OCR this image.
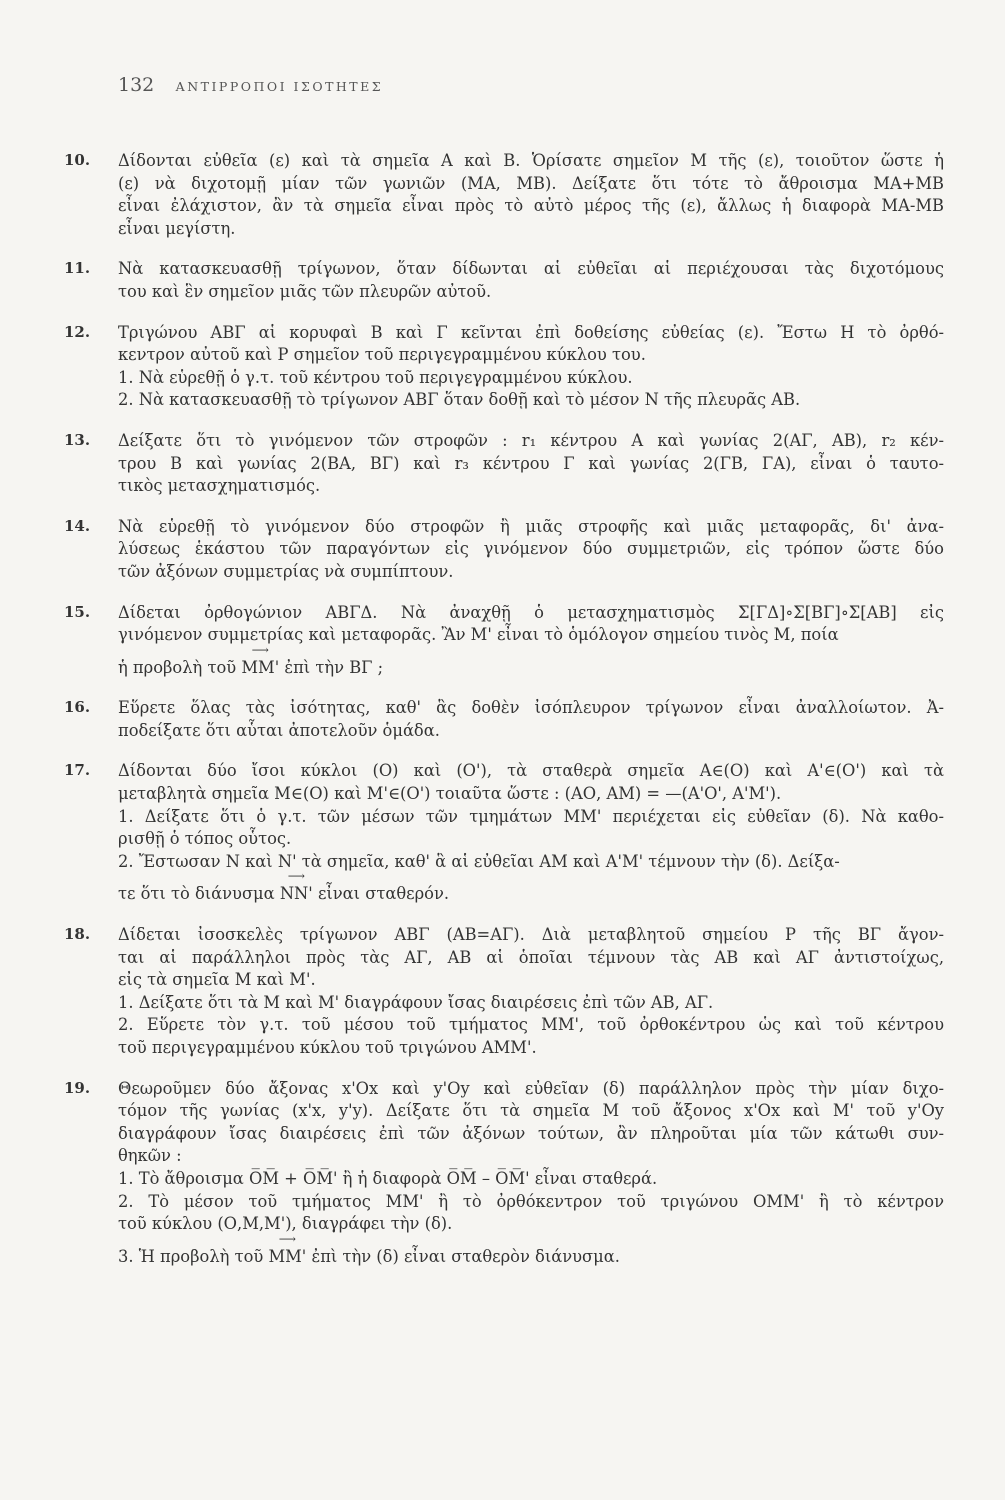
132 ΑΝΤΙΡΡΟΠΟΙ ΙΣΟΤΗΤΕΣ
10. Δίδονται εὐθεῖα (ε) καὶ τὰ σημεῖα A καὶ B. Ὁρίσατε σημεῖον M τῆς (ε), τοιοῦτον ὥστε ἡ
(ε) νὰ διχοτομῇ μίαν τῶν γωνιῶν (MA, MB). Δείξατε ὅτι τότε τὸ ἄθροισμα MA+MB
εἶναι ἐλάχιστον, ἂν τὰ σημεῖα εἶναι πρὸς τὸ αὐτὸ μέρος τῆς (ε), ἄλλως ἡ διαφορὰ MA-MB
εἶναι μεγίστη.
11. Νὰ κατασκευασθῇ τρίγωνον, ὅταν δίδωνται αἱ εὐθεῖαι αἱ περιέχουσαι τὰς διχοτόμους
του καὶ ἓν σημεῖον μιᾶς τῶν πλευρῶν αὐτοῦ.
12. Τριγώνου ΑΒΓ αἱ κορυφαὶ Β καὶ Γ κεῖνται ἐπὶ δοθείσης εὐθείας (ε). Ἔστω Η τὸ ὀρθό-
κεντρον αὐτοῦ καὶ Ρ σημεῖον τοῦ περιγεγραμμένου κύκλου του.
1. Νὰ εὑρεθῇ ὁ γ.τ. τοῦ κέντρου τοῦ περιγεγραμμένου κύκλου.
2. Νὰ κατασκευασθῇ τὸ τρίγωνον ΑΒΓ ὅταν δοθῇ καὶ τὸ μέσον Ν τῆς πλευρᾶς ΑΒ.
13. Δείξατε ὅτι τὸ γινόμενον τῶν στροφῶν : r₁ κέντρου Α καὶ γωνίας 2(ΑΓ, ΑΒ), r₂ κέν-
τρου Β καὶ γωνίας 2(ΒΑ, ΒΓ) καὶ r₃ κέντρου Γ καὶ γωνίας 2(ΓΒ, ΓΑ), εἶναι ὁ ταυτο-
τικὸς μετασχηματισμός.
14. Νὰ εὑρεθῇ τὸ γινόμενον δύο στροφῶν ἢ μιᾶς στροφῆς καὶ μιᾶς μεταφορᾶς, δι' ἀνα-
λύσεως ἑκάστου τῶν παραγόντων εἰς γινόμενον δύο συμμετριῶν, εἰς τρόπον ὥστε δύο
τῶν ἀξόνων συμμετρίας νὰ συμπίπτουν.
15. Δίδεται ὀρθογώνιον ΑΒΓΔ. Νὰ ἀναχθῇ ὁ μετασχηματισμὸς Σ[ΓΔ]∘Σ[ΒΓ]∘Σ[ΑΒ] εἰς
γινόμενον συμμετρίας καὶ μεταφορᾶς. Ἂν Μ' εἶναι τὸ ὁμόλογον σημείου τινὸς Μ, ποία
ἡ προβολὴ τοῦ
⟶
ΜΜ' ἐπὶ τὴν ΒΓ ;
16. Εὕρετε ὅλας τὰς ἰσότητας, καθ' ἃς δοθὲν ἰσόπλευρον τρίγωνον εἶναι ἀναλλοίωτον. Ἀ-
ποδείξατε ὅτι αὗται ἀποτελοῦν ὁμάδα.
17. Δίδονται δύο ἴσοι κύκλοι (Ο) καὶ (Ο'), τὰ σταθερὰ σημεῖα Α∈(Ο) καὶ Α'∈(Ο') καὶ τὰ
μεταβλητὰ σημεῖα Μ∈(Ο) καὶ Μ'∈(Ο') τοιαῦτα ὥστε : (ΑΟ, ΑΜ) = —(Α'Ο', Α'Μ').
1. Δείξατε ὅτι ὁ γ.τ. τῶν μέσων τῶν τμημάτων ΜΜ' περιέχεται εἰς εὐθεῖαν (δ). Νὰ καθο-
ρισθῇ ὁ τόπος οὗτος.
2. Ἔστωσαν Ν καὶ Ν' τὰ σημεῖα, καθ' ἃ αἱ εὐθεῖαι ΑΜ καὶ Α'Μ' τέμνουν τὴν (δ). Δείξα-
τε ὅτι τὸ διάνυσμα
⟶
ΝΝ' εἶναι σταθερόν.
18. Δίδεται ἰσοσκελὲς τρίγωνον ΑΒΓ (ΑΒ=ΑΓ). Διὰ μεταβλητοῦ σημείου Ρ τῆς ΒΓ ἄγον-
ται αἱ παράλληλοι πρὸς τὰς ΑΓ, ΑΒ αἱ ὁποῖαι τέμνουν τὰς ΑΒ καὶ ΑΓ ἀντιστοίχως,
εἰς τὰ σημεῖα Μ καὶ Μ'.
1. Δείξατε ὅτι τὰ Μ καὶ Μ' διαγράφουν ἴσας διαιρέσεις ἐπὶ τῶν ΑΒ, ΑΓ.
2. Εὕρετε τὸν γ.τ. τοῦ μέσου τοῦ τμήματος ΜΜ', τοῦ ὀρθοκέντρου ὡς καὶ τοῦ κέντρου
τοῦ περιγεγραμμένου κύκλου τοῦ τριγώνου ΑΜΜ'.
19. Θεωροῦμεν δύο ἄξονας x'Ox καὶ y'Oy καὶ εὐθεῖαν (δ) παράλληλον πρὸς τὴν μίαν διχο-
τόμον τῆς γωνίας (x'x, y'y). Δείξατε ὅτι τὰ σημεῖα Μ τοῦ ἄξονος x'Ox καὶ Μ' τοῦ y'Oy
διαγράφουν ἴσας διαιρέσεις ἐπὶ τῶν ἀξόνων τούτων, ἂν πληροῦται μία τῶν κάτωθι συν-
θηκῶν :
1. Τὸ ἄθροισμα O̅M̅ + O̅M̅' ἢ ἡ διαφορὰ O̅M̅ – O̅M̅' εἶναι σταθερά.
2. Τὸ μέσον τοῦ τμήματος ΜΜ' ἢ τὸ ὀρθόκεντρον τοῦ τριγώνου ΟΜΜ' ἢ τὸ κέντρον
τοῦ κύκλου (Ο,Μ,Μ'), διαγράφει τὴν (δ).
3. Ἡ προβολὴ τοῦ
⟶
ΜΜ' ἐπὶ τὴν (δ) εἶναι σταθερὸν διάνυσμα.
